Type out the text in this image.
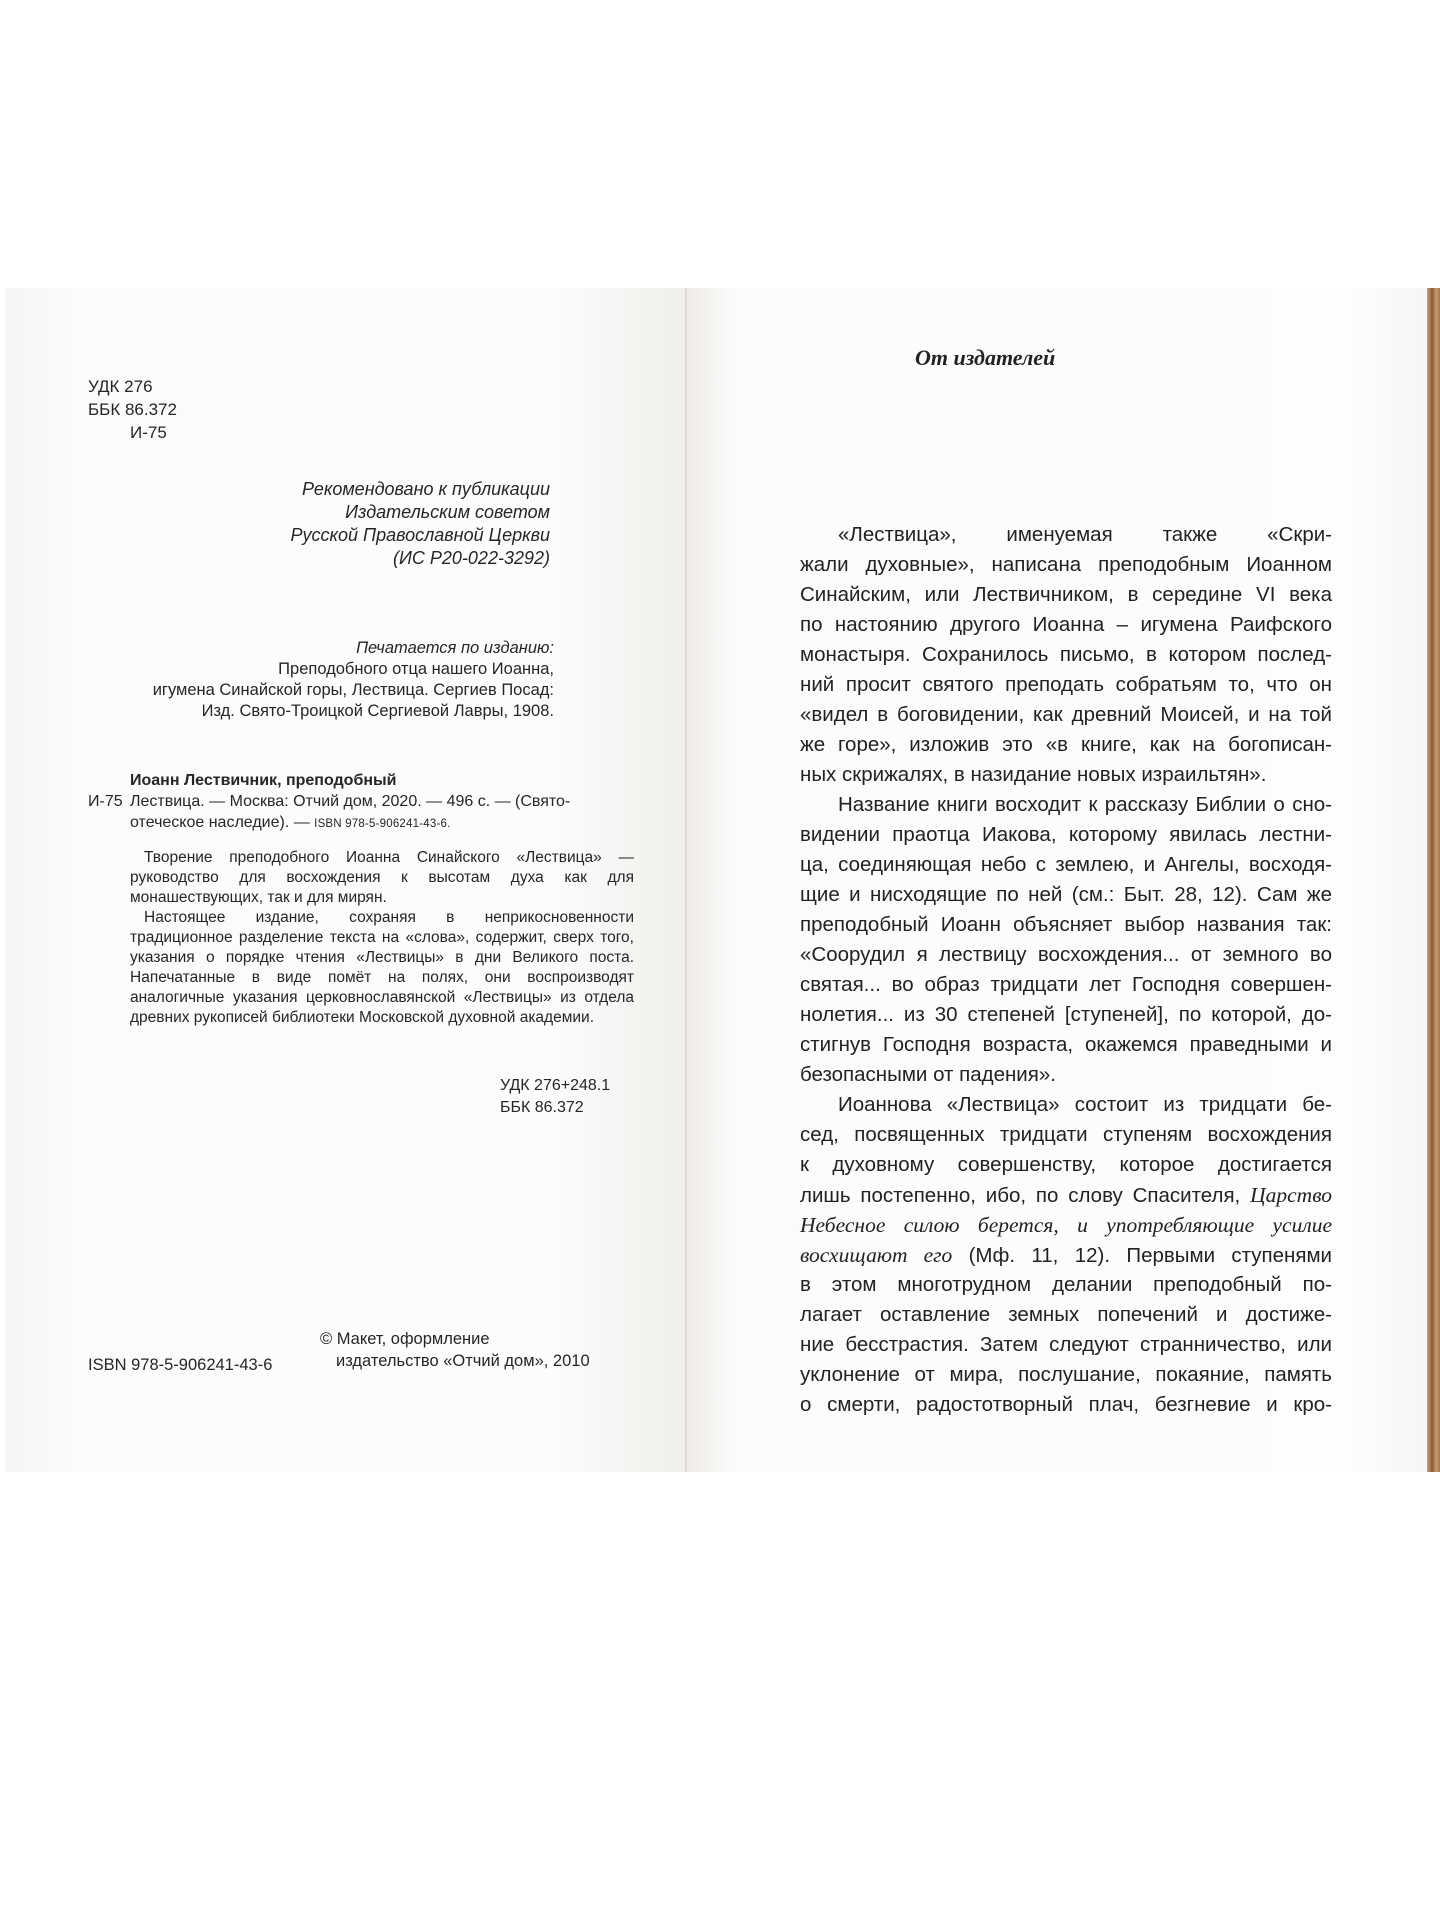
УДК 276
ББК 86.372
И-75
Рекомендовано к публикации
Издательским советом
Русской Православной Церкви
(ИС Р20-022-3292)
Печатается по изданию:
Преподобного отца нашего Иоанна,
игумена Синайской горы, Лествица. Сергиев Посад:
Изд. Свято-Троицкой Сергиевой Лавры, 1908.
Иоанн Лествичник, преподобный
И-75 Лествица. — Москва: Отчий дом, 2020. — 496 с. — (Свято-
отеческое наследие). — ISBN 978-5-906241-43-6.

Творение преподобного Иоанна Синайского «Лествица» — руководство для восхождения к высотам духа как для монашествующих, так и для мирян.

Настоящее издание, сохраняя в неприкосновенности традиционное разделение текста на «слова», содержит, сверх того, указания о порядке чтения «Лествицы» в дни Великого поста. Напечатанные в виде помёт на полях, они воспроизводят аналогичные указания церковнославянской «Лествицы» из отдела древних рукописей библиотеки Московской духовной академии.

УДК 276+248.1
ББК 86.372
© Макет, оформление
издательство «Отчий дом», 2010
ISBN 978-5-906241-43-6
От издателей
«Лествица», именуемая также «Скри-
жали духовные», написана преподобным Иоанном
Синайским, или Лествичником, в середине VI века
по настоянию другого Иоанна – игумена Раифского
монастыря. Сохранилось письмо, в котором послед-
ний просит святого преподать собратьям то, что он
«видел в боговидении, как древний Моисей, и на той
же горе», изложив это «в книге, как на богописан-
ных скрижалях, в назидание новых израильтян».
Название книги восходит к рассказу Библии о сно-
видении праотца Иакова, которому явилась лестни-
ца, соединяющая небо с землею, и Ангелы, восходя-
щие и нисходящие по ней (см.: Быт. 28, 12). Сам же
преподобный Иоанн объясняет выбор названия так:
«Соорудил я лествицу восхождения... от земного во
святая... во образ тридцати лет Господня совершен-
нолетия... из 30 степеней [ступеней], по которой, до-
стигнув Господня возраста, окажемся праведными и
безопасными от падения».
Иоаннова «Лествица» состоит из тридцати бе-
сед, посвященных тридцати ступеням восхождения
к духовному совершенству, которое достигается
лишь постепенно, ибо, по слову Спасителя, Царство
Небесное силою берется, и употребляющие усилие
восхищают его (Мф. 11, 12). Первыми ступенями
в этом многотрудном делании преподобный по-
лагает оставление земных попечений и достиже-
ние бесстрастия. Затем следуют странничество, или
уклонение от мира, послушание, покаяние, память
о смерти, радостотворный плач, безгневие и кро-
